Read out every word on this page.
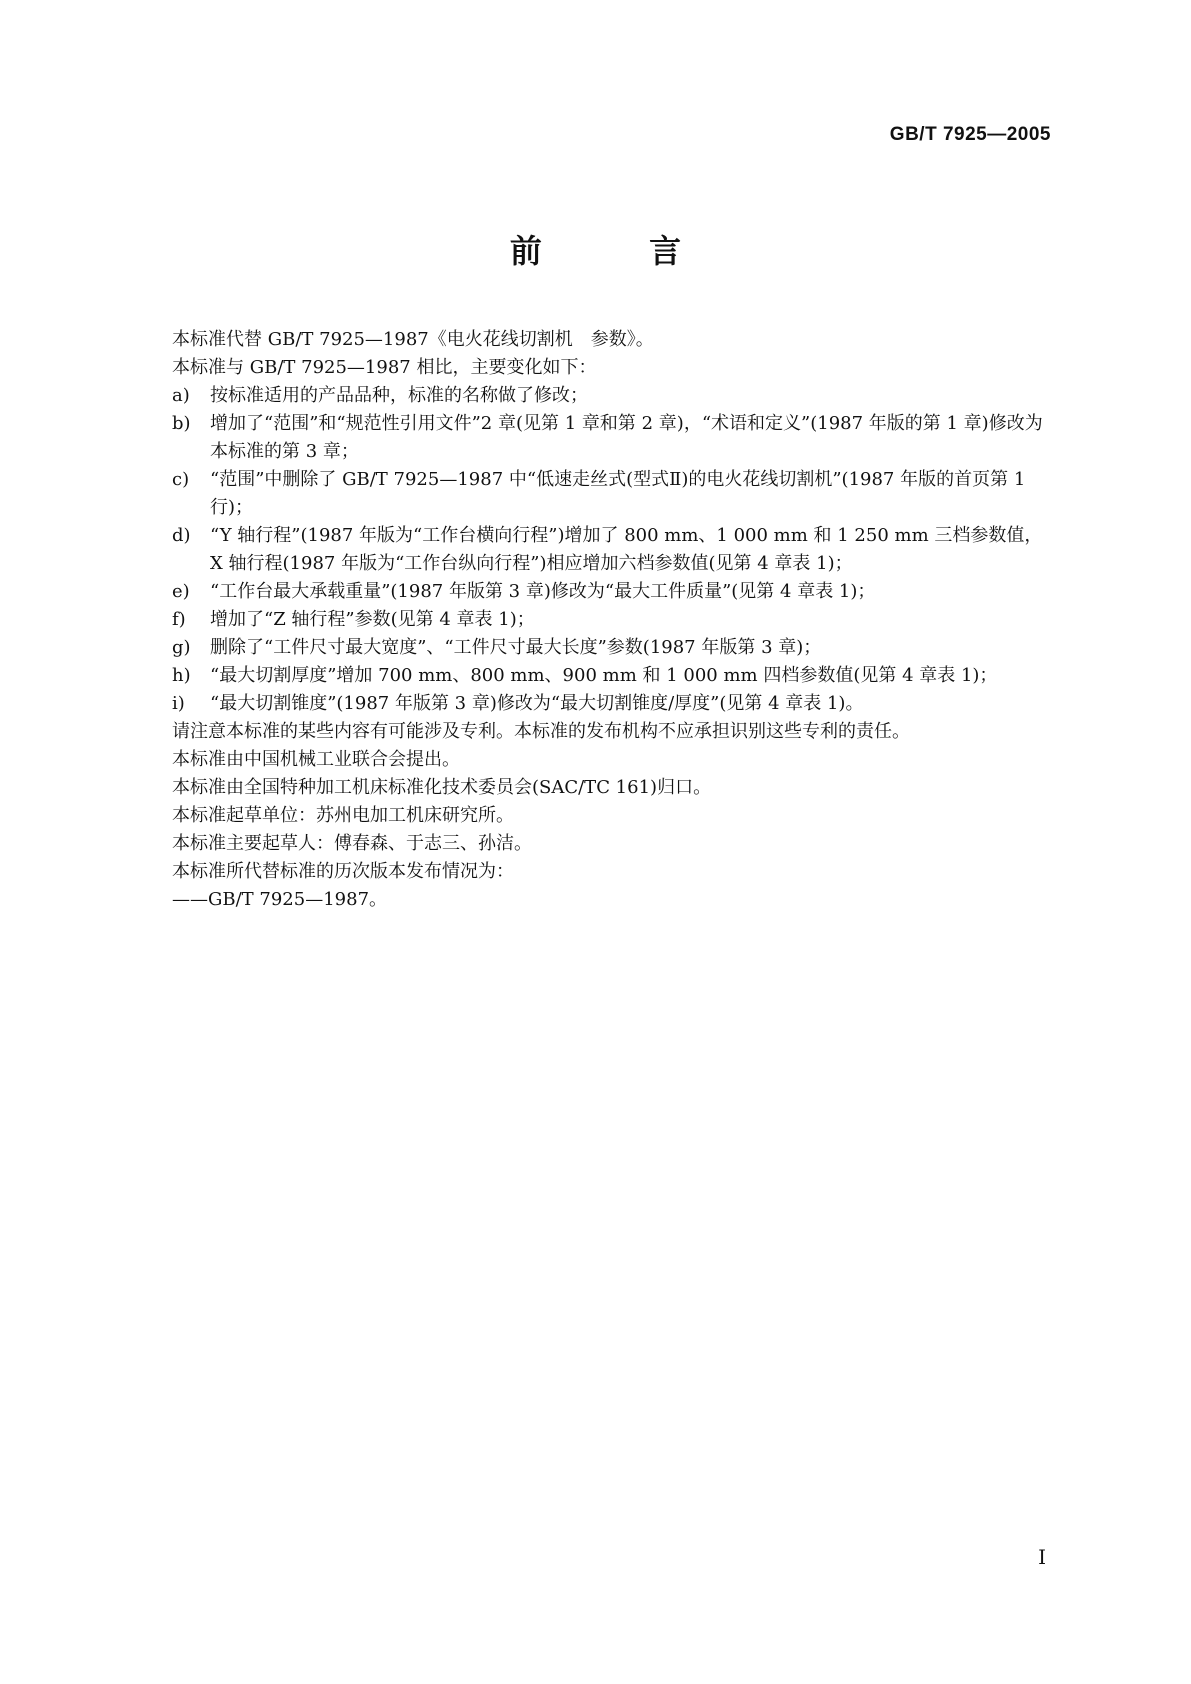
GB/T 7925—2005
前 言

本标准代替 GB/T 7925—1987《电火花线切割机　参数》。

本标准与 GB/T 7925—1987 相比，主要变化如下：

a) 按标准适用的产品品种，标准的名称做了修改；
b) 增加了“范围”和“规范性引用文件”2 章(见第 1 章和第 2 章)，“术语和定义”(1987 年版的第 1 章)修改为本标准的第 3 章；
c) “范围”中删除了 GB/T 7925—1987 中“低速走丝式(型式Ⅱ)的电火花线切割机”(1987 年版的首页第 1 行)；
d) “Y 轴行程”(1987 年版为“工作台横向行程”)增加了 800 mm、1 000 mm 和 1 250 mm 三档参数值，X 轴行程(1987 年版为“工作台纵向行程”)相应增加六档参数值(见第 4 章表 1)；
e) “工作台最大承载重量”(1987 年版第 3 章)修改为“最大工件质量”(见第 4 章表 1)；
f) 增加了“Z 轴行程”参数(见第 4 章表 1)；
g) 删除了“工件尺寸最大宽度”、“工件尺寸最大长度”参数(1987 年版第 3 章)；
h) “最大切割厚度”增加 700 mm、800 mm、900 mm 和 1 000 mm 四档参数值(见第 4 章表 1)；
i) “最大切割锥度”(1987 年版第 3 章)修改为“最大切割锥度/厚度”(见第 4 章表 1)。

请注意本标准的某些内容有可能涉及专利。本标准的发布机构不应承担识别这些专利的责任。

本标准由中国机械工业联合会提出。

本标准由全国特种加工机床标准化技术委员会(SAC/TC 161)归口。

本标准起草单位：苏州电加工机床研究所。

本标准主要起草人：傅春森、于志三、孙洁。

本标准所代替标准的历次版本发布情况为：

——GB/T 7925—1987。

I
